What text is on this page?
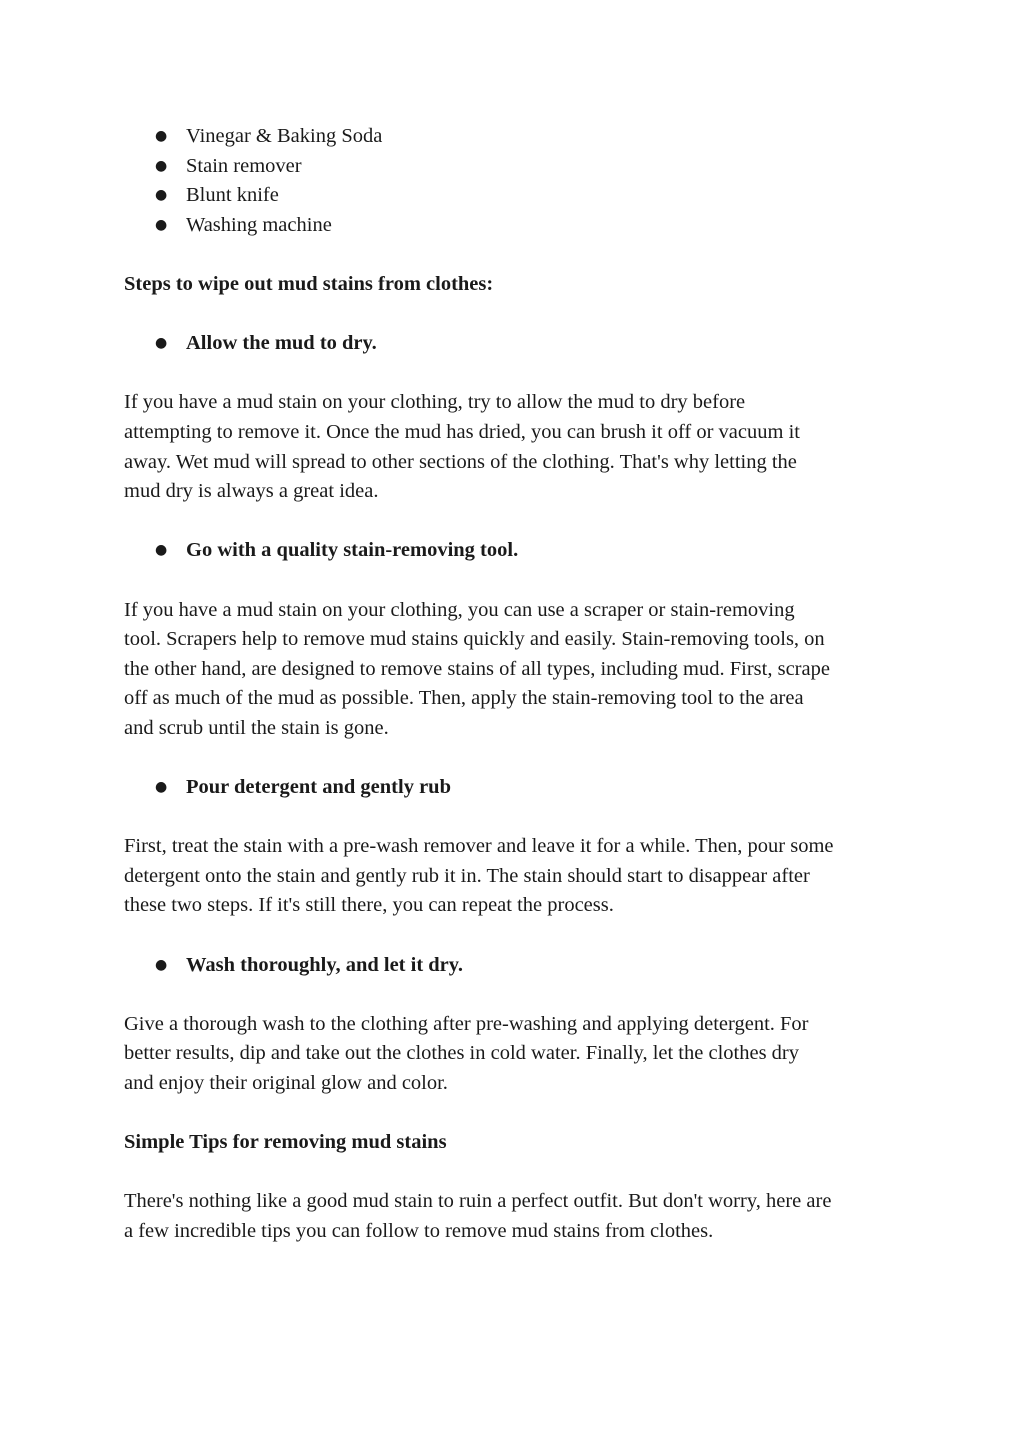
● Vinegar & Baking Soda
● Stain remover
● Blunt knife
● Washing machine
Steps to wipe out mud stains from clothes:
● Allow the mud to dry.

If you have a mud stain on your clothing, try to allow the mud to dry before
attempting to remove it. Once the mud has dried, you can brush it off or vacuum it
away. Wet mud will spread to other sections of the clothing. That's why letting the
mud dry is always a great idea.

● Go with a quality stain-removing tool.

If you have a mud stain on your clothing, you can use a scraper or stain-removing
tool. Scrapers help to remove mud stains quickly and easily. Stain-removing tools, on
the other hand, are designed to remove stains of all types, including mud. First, scrape
off as much of the mud as possible. Then, apply the stain-removing tool to the area
and scrub until the stain is gone.

● Pour detergent and gently rub

First, treat the stain with a pre-wash remover and leave it for a while. Then, pour some
detergent onto the stain and gently rub it in. The stain should start to disappear after
these two steps. If it's still there, you can repeat the process.

● Wash thoroughly, and let it dry.

Give a thorough wash to the clothing after pre-washing and applying detergent. For
better results, dip and take out the clothes in cold water. Finally, let the clothes dry
and enjoy their original glow and color.

Simple Tips for removing mud stains

There's nothing like a good mud stain to ruin a perfect outfit. But don't worry, here are
a few incredible tips you can follow to remove mud stains from clothes.
